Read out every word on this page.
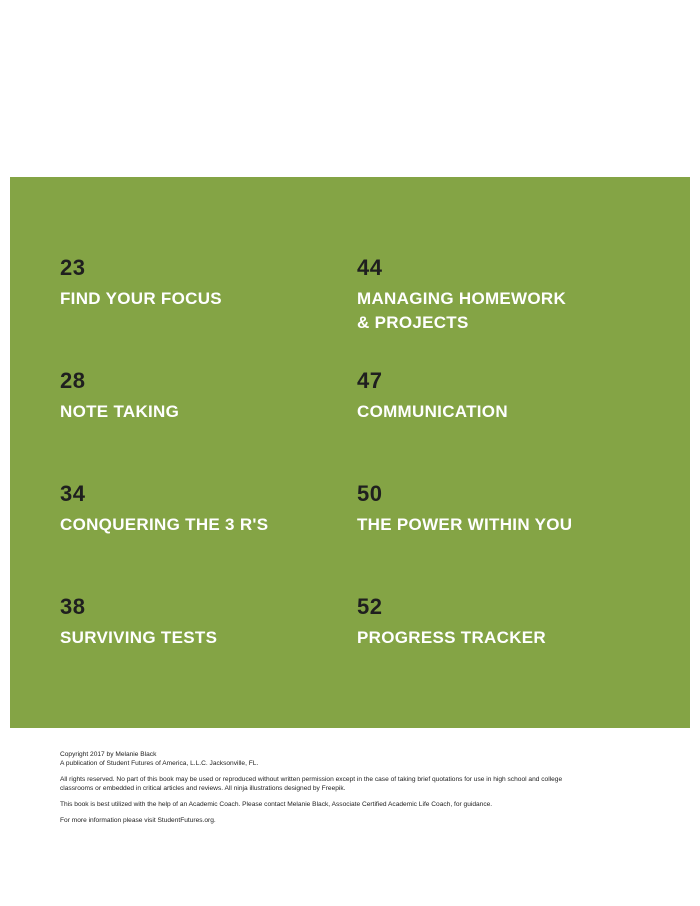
23
FIND YOUR FOCUS
44
MANAGING HOMEWORK
& PROJECTS
28
NOTE TAKING
47
COMMUNICATION
34
CONQUERING THE 3 R'S
50
THE POWER WITHIN YOU
38
SURVIVING TESTS
52
PROGRESS TRACKER

Copyright 2017 by Melanie Black
A publication of Student Futures of America, L.L.C. Jacksonville, FL.

All rights reserved. No part of this book may be used or reproduced without written permission except in the case of taking brief quotations for use in high school and college
classrooms or embedded in critical articles and reviews. All ninja illustrations designed by Freepik.

This book is best utilized with the help of an Academic Coach. Please contact Melanie Black, Associate Certified Academic Life Coach, for guidance.

For more information please visit StudentFutures.org.
